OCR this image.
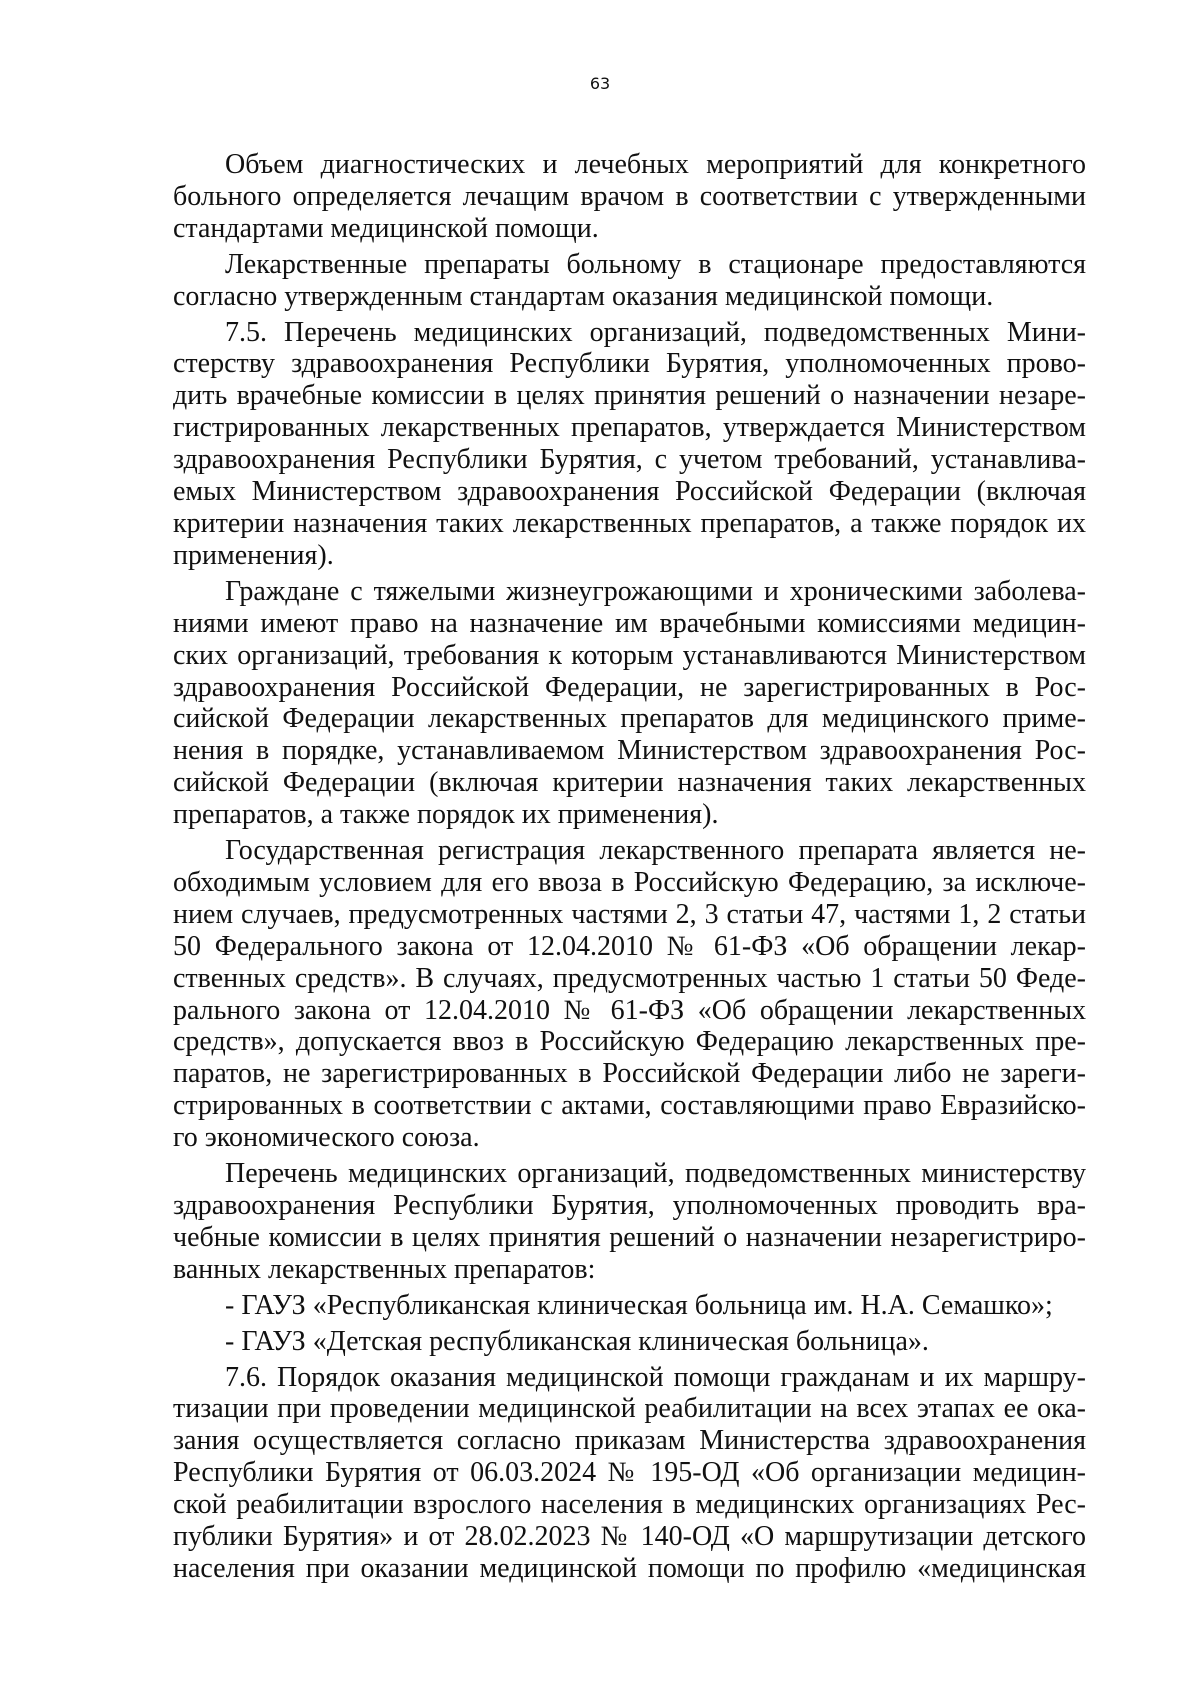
63
Объем диагностических и лечебных мероприятий для конкретного
больного определяется лечащим врачом в соответствии с утвержденными
стандартами медицинской помощи.
Лекарственные препараты больному в стационаре предоставляются
согласно утвержденным стандартам оказания медицинской помощи.
7.5. Перечень медицинских организаций, подведомственных Мини-
стерству здравоохранения Республики Бурятия, уполномоченных прово-
дить врачебные комиссии в целях принятия решений о назначении незаре-
гистрированных лекарственных препаратов, утверждается Министерством
здравоохранения Республики Бурятия, с учетом требований, устанавлива-
емых Министерством здравоохранения Российской Федерации (включая
критерии назначения таких лекарственных препаратов, а также порядок их
применения).
Граждане с тяжелыми жизнеугрожающими и хроническими заболева-
ниями имеют право на назначение им врачебными комиссиями медицин-
ских организаций, требования к которым устанавливаются Министерством
здравоохранения Российской Федерации, не зарегистрированных в Рос-
сийской Федерации лекарственных препаратов для медицинского приме-
нения в порядке, устанавливаемом Министерством здравоохранения Рос-
сийской Федерации (включая критерии назначения таких лекарственных
препаратов, а также порядок их применения).
Государственная регистрация лекарственного препарата является не-
обходимым условием для его ввоза в Российскую Федерацию, за исключе-
нием случаев, предусмотренных частями 2, 3 статьи 47, частями 1, 2 статьи
50 Федерального закона от 12.04.2010 № 61-ФЗ «Об обращении лекар-
ственных средств». В случаях, предусмотренных частью 1 статьи 50 Феде-
рального закона от 12.04.2010 № 61-ФЗ «Об обращении лекарственных
средств», допускается ввоз в Российскую Федерацию лекарственных пре-
паратов, не зарегистрированных в Российской Федерации либо не зареги-
стрированных в соответствии с актами, составляющими право Евразийско-
го экономического союза.
Перечень медицинских организаций, подведомственных министерству
здравоохранения Республики Бурятия, уполномоченных проводить вра-
чебные комиссии в целях принятия решений о назначении незарегистриро-
ванных лекарственных препаратов:
- ГАУЗ «Республиканская клиническая больница им. Н.А. Семашко»;
- ГАУЗ «Детская республиканская клиническая больница».
7.6. Порядок оказания медицинской помощи гражданам и их маршру-
тизации при проведении медицинской реабилитации на всех этапах ее ока-
зания осуществляется согласно приказам Министерства здравоохранения
Республики Бурятия от 06.03.2024 № 195-ОД «Об организации медицин-
ской реабилитации взрослого населения в медицинских организациях Рес-
публики Бурятия» и от 28.02.2023 № 140-ОД «О маршрутизации детского
населения при оказании медицинской помощи по профилю «медицинская
